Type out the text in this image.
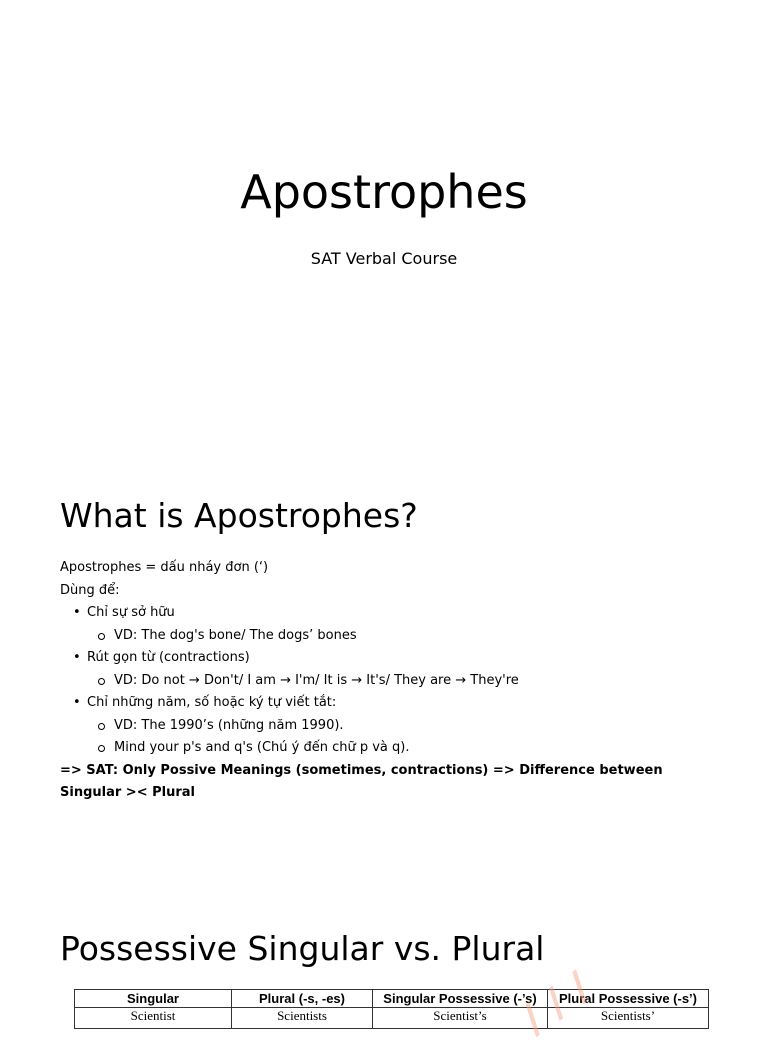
Apostrophes
SAT Verbal Course
What is Apostrophes?

Apostrophes = dấu nháy đơn (‘)

Dùng để:

• Chỉ sự sở hữu
VD: The dog's bone/ The dogs’ bones
• Rút gọn từ (contractions)
VD: Do not → Don't/ I am → I'm/ It is → It's/ They are → They're
• Chỉ những năm, số hoặc ký tự viết tắt:
VD: The 1990’s (những năm 1990).
Mind your p's and q's (Chú ý đến chữ p và q).

=> SAT: Only Possive Meanings (sometimes, contractions) => Difference between Singular >< Plural

Possessive Singular vs. Plural
Singular	Plural (-s, -es)	Singular Possessive (-’s)	Plural Possessive (-s’)
Scientist	Scientists	Scientist’s	Scientists’
/ / /
